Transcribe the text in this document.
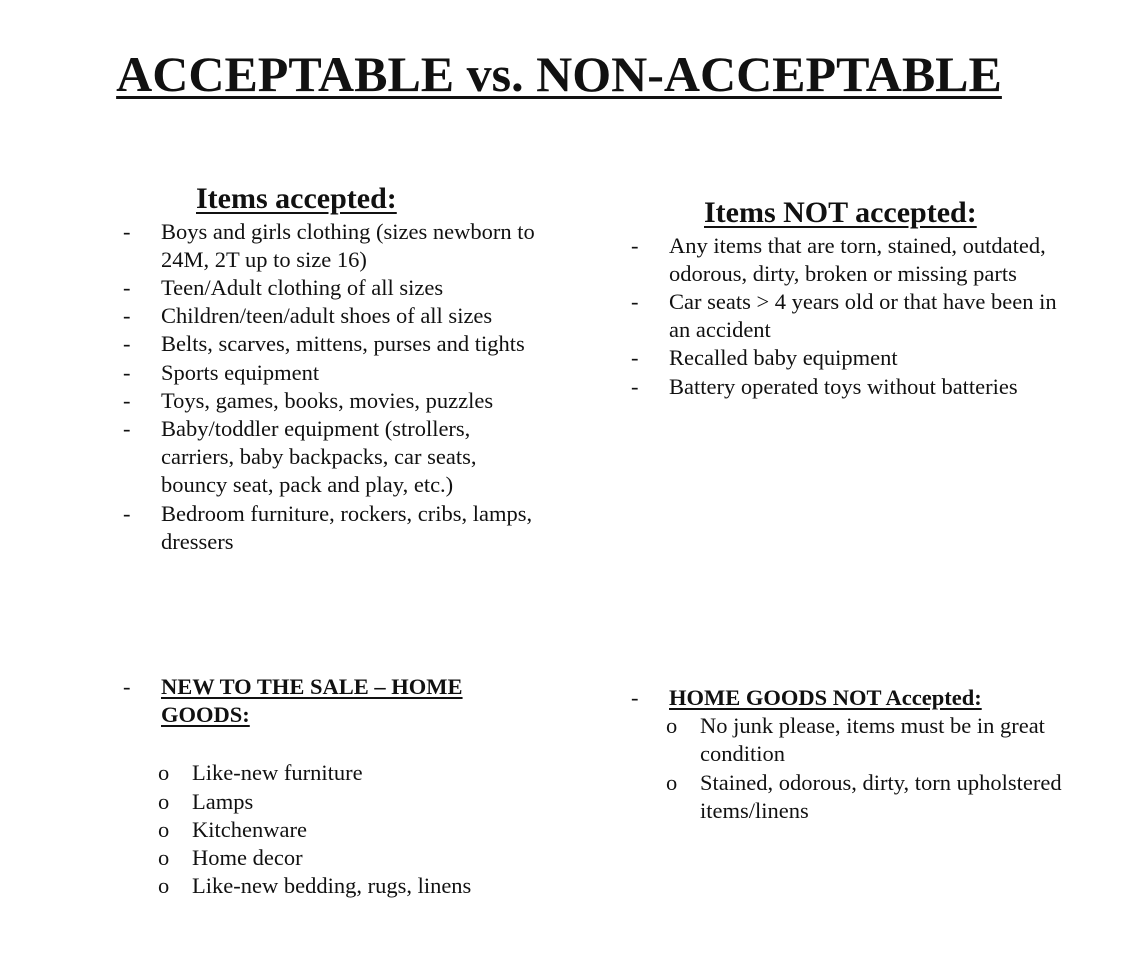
ACCEPTABLE vs. NON-ACCEPTABLE
Items accepted:
- Boys and girls clothing (sizes newborn to 24M, 2T up to size 16)
- Teen/Adult clothing of all sizes
- Children/teen/adult shoes of all sizes
- Belts, scarves, mittens, purses and tights
- Sports equipment
- Toys, games, books, movies, puzzles
- Baby/toddler equipment (strollers, carriers, baby backpacks, car seats, bouncy seat, pack and play, etc.)
- Bedroom furniture, rockers, cribs, lamps, dressers
- NEW TO THE SALE – HOME GOODS:
o Like-new furniture
o Lamps
o Kitchenware
o Home decor
o Like-new bedding, rugs, linens
Items NOT accepted:
- Any items that are torn, stained, outdated, odorous, dirty, broken or missing parts
- Car seats > 4 years old or that have been in an accident
- Recalled baby equipment
- Battery operated toys without batteries
- HOME GOODS NOT Accepted:
o No junk please, items must be in great condition
o Stained, odorous, dirty, torn upholstered items/linens
